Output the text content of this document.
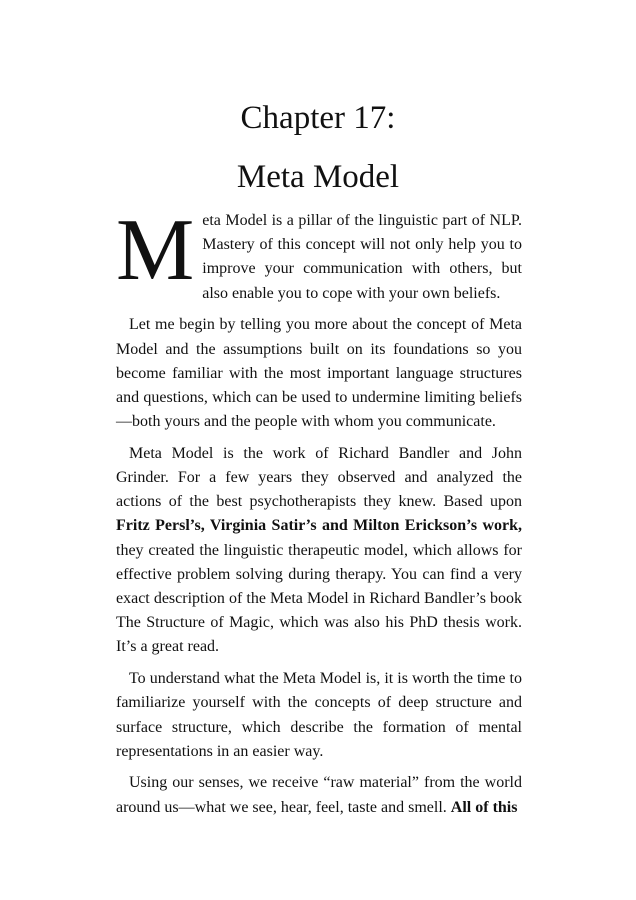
Chapter 17:
Meta Model

Meta Model is a pillar of the linguistic part of NLP. Mastery of this concept will not only help you to improve your communication with others, but also enable you to cope with your own beliefs.

Let me begin by telling you more about the concept of Meta Model and the assumptions built on its foundations so you become familiar with the most important language structures and questions, which can be used to undermine limiting beliefs —both yours and the people with whom you communicate.

Meta Model is the work of Richard Bandler and John Grinder. For a few years they observed and analyzed the actions of the best psychotherapists they knew. Based upon Fritz Persl’s, Virginia Satir’s and Milton Erickson’s work, they created the linguistic therapeutic model, which allows for effective problem solving during therapy. You can find a very exact description of the Meta Model in Richard Bandler’s book The Structure of Magic, which was also his PhD thesis work. It’s a great read.

To understand what the Meta Model is, it is worth the time to familiarize yourself with the concepts of deep structure and surface structure, which describe the formation of mental representations in an easier way.

Using our senses, we receive “raw material” from the world around us—what we see, hear, feel, taste and smell. All of this
